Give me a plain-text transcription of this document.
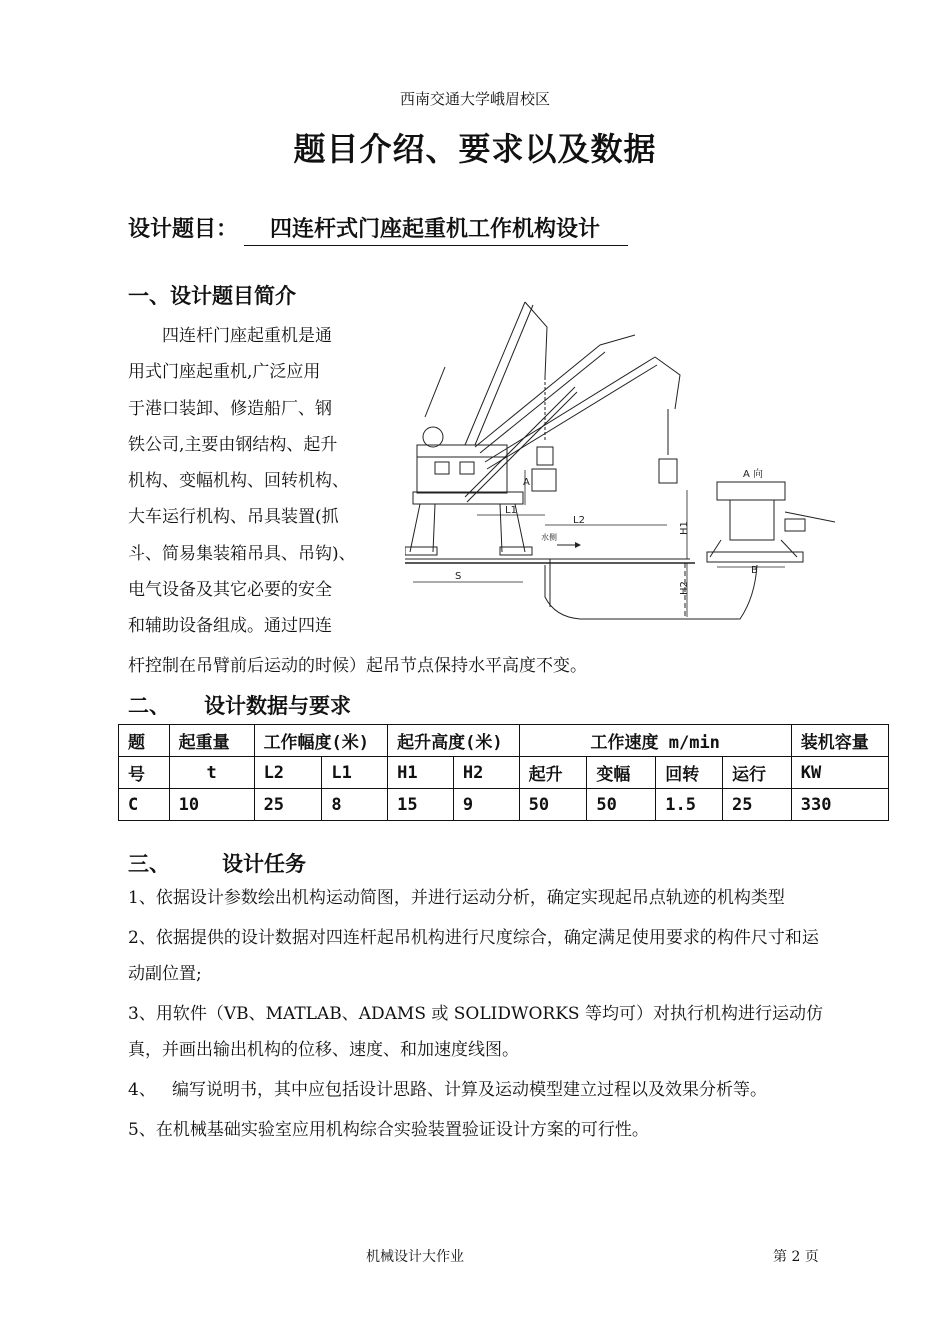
西南交通大学峨眉校区
题目介绍、要求以及数据
设计题目： 四连杆式门座起重机工作机构设计
一、设计题目简介

四连杆门座起重机是通

用式门座起重机,广泛应用
于港口装卸、修造船厂、钢
铁公司,主要由钢结构、起升
机构、变幅机构、回转机构、
大车运行机构、吊具装置(抓
斗、简易集装箱吊具、吊钩)、
电气设备及其它必要的安全
和辅助设备组成。通过四连
杆控制在吊臂前后运动的时候）起吊节点保持水平高度不变。
L1
L2
H1
H2
S
B
A
A 向
水侧
二、 设计数据与要求
题	起重量	工作幅度(米)		起升高度(米)		工作速度 m/min				装机容量
号	t	L2	L1	H1	H2	起升	变幅	回转	运行	KW
C	10	25	8	15	9	50	50	1.5	25	330
三、 设计任务

1、依据设计参数绘出机构运动简图，并进行运动分析，确定实现起吊点轨迹的机构类型

2、依据提供的设计数据对四连杆起吊机构进行尺度综合，确定满足使用要求的构件尺寸和运动副位置;

3、用软件（VB、MATLAB、ADAMS 或 SOLIDWORKS 等均可）对执行机构进行运动仿真，并画出输出机构的位移、速度、和加速度线图。

4、   编写说明书，其中应包括设计思路、计算及运动模型建立过程以及效果分析等。

5、在机械基础实验室应用机构综合实验装置验证设计方案的可行性。

机械设计大作业	第 2 页
